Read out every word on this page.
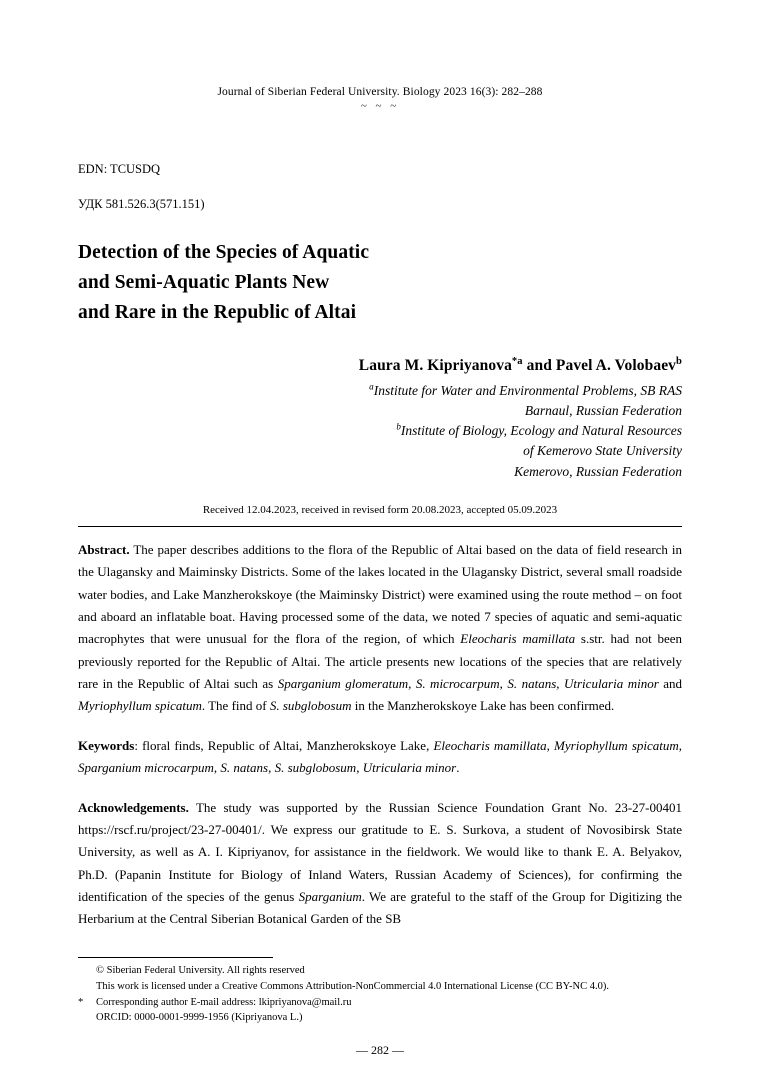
Journal of Siberian Federal University. Biology 2023 16(3): 282–288
~ ~ ~
EDN: TCUSDQ
УДК 581.526.3(571.151)
Detection of the Species of Aquatic
and Semi-Aquatic Plants New
and Rare in the Republic of Altai
Laura M. Kipriyanova$^{*a}$ and Pavel A. Volobaev$^b$
$^a$Institute for Water and Environmental Problems, SB RAS
Barnaul, Russian Federation
$^b$Institute of Biology, Ecology and Natural Resources
of Kemerovo State University
Kemerovo, Russian Federation
Received 12.04.2023, received in revised form 20.08.2023, accepted 05.09.2023
Abstract. The paper describes additions to the flora of the Republic of Altai based on the data of field research in the Ulagansky and Maiminsky Districts. Some of the lakes located in the Ulagansky District, several small roadside water bodies, and Lake Manzherokskoye (the Maiminsky District) were examined using the route method – on foot and aboard an inflatable boat. Having processed some of the data, we noted 7 species of aquatic and semi-aquatic macrophytes that were unusual for the flora of the region, of which Eleocharis mamillata s.str. had not been previously reported for the Republic of Altai. The article presents new locations of the species that are relatively rare in the Republic of Altai such as Sparganium glomeratum, S. microcarpum, S. natans, Utricularia minor and Myriophyllum spicatum. The find of S. subglobosum in the Manzherokskoye Lake has been confirmed.
Keywords: floral finds, Republic of Altai, Manzherokskoye Lake, Eleocharis mamillata, Myriophyllum spicatum, Sparganium microcarpum, S. natans, S. subglobosum, Utricularia minor.
Acknowledgements. The study was supported by the Russian Science Foundation Grant No. 23-27-00401 https://rscf.ru/project/23-27-00401/. We express our gratitude to E. S. Surkova, a student of Novosibirsk State University, as well as A. I. Kipriyanov, for assistance in the fieldwork. We would like to thank E. A. Belyakov, Ph.D. (Papanin Institute for Biology of Inland Waters, Russian Academy of Sciences), for confirming the identification of the species of the genus Sparganium. We are grateful to the staff of the Group for Digitizing the Herbarium at the Central Siberian Botanical Garden of the SB
© Siberian Federal University. All rights reserved
This work is licensed under a Creative Commons Attribution-NonCommercial 4.0 International License (CC BY-NC 4.0).
* Corresponding author E-mail address: lkipriyanova@mail.ru
ORCID: 0000-0001-9999-1956 (Kipriyanova L.)
— 282 —
